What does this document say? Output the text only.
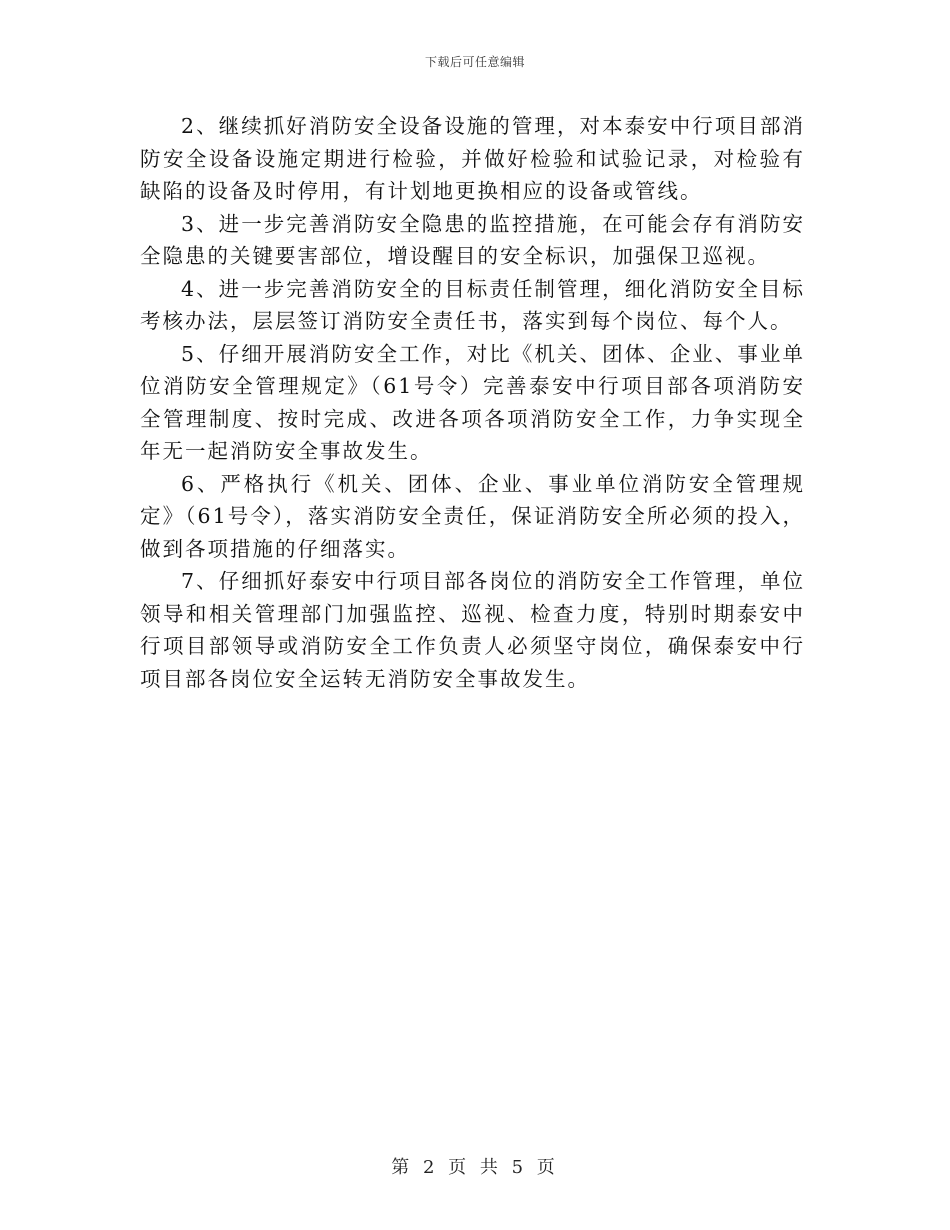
下载后可任意编辑

2、继续抓好消防安全设备设施的管理，对本泰安中行项目部消防安全设备设施定期进行检验，并做好检验和试验记录，对检验有缺陷的设备及时停用，有计划地更换相应的设备或管线。

3、进一步完善消防安全隐患的监控措施，在可能会存有消防安全隐患的关键要害部位，增设醒目的安全标识，加强保卫巡视。

4、进一步完善消防安全的目标责任制管理，细化消防安全目标考核办法，层层签订消防安全责任书，落实到每个岗位、每个人。

5、仔细开展消防安全工作，对比《机关、团体、企业、事业单位消防安全管理规定》（61号令）完善泰安中行项目部各项消防安全管理制度、按时完成、改进各项各项消防安全工作，力争实现全年无一起消防安全事故发生。

6、严格执行《机关、团体、企业、事业单位消防安全管理规定》（61号令），落实消防安全责任，保证消防安全所必须的投入，做到各项措施的仔细落实。

7、仔细抓好泰安中行项目部各岗位的消防安全工作管理，单位领导和相关管理部门加强监控、巡视、检查力度，特别时期泰安中行项目部领导或消防安全工作负责人必须坚守岗位，确保泰安中行项目部各岗位安全运转无消防安全事故发生。

第 2 页 共 5 页
